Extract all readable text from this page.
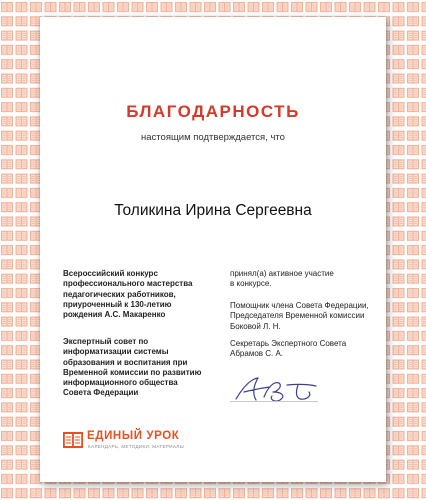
БЛАГОДАРНОСТЬ
настоящим подтверждается, что
Толикина Ирина Сергеевна
Всероссийский конкурс
профессионального мастерства
педагогических работников,
приуроченный к 130-летию
рождения А.С. Макаренко
Экспертный совет по
информатизации системы
образования и воспитания при
Временной комиссии по развитию
информационного общества
Совета Федерации
принял(а) активное участие
в конкурсе.
Помощник члена Совета Федерации,
Председателя Временной комиссии
Боковой Л. Н.
Секретарь Экспертного Совета
Абрамов С. А.
ЕДИНЫЙ УРОК
КАЛЕНДАРЬ, МЕТОДИКИ, МАТЕРИАЛЫ
